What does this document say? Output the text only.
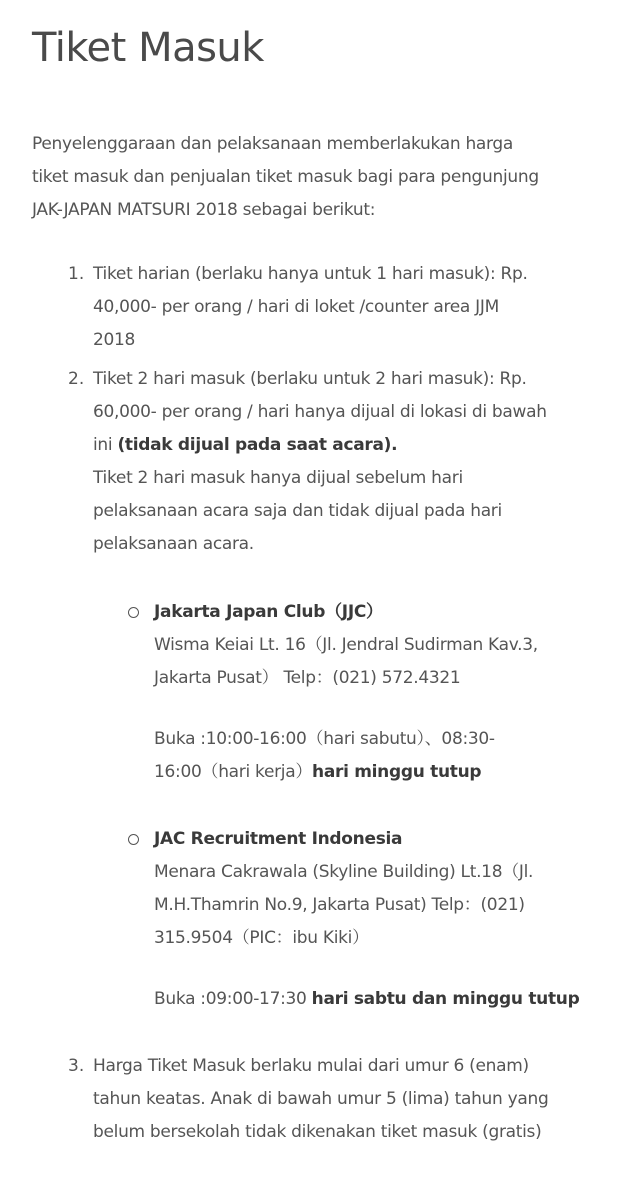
Tiket Masuk
Penyelenggaraan dan pelaksanaan memberlakukan harga
tiket masuk dan penjualan tiket masuk bagi para pengunjung
JAK-JAPAN MATSURI 2018 sebagai berikut:
1. Tiket harian (berlaku hanya untuk 1 hari masuk): Rp.
40,000- per orang / hari di loket /counter area JJM
2018
2. Tiket 2 hari masuk (berlaku untuk 2 hari masuk): Rp.
60,000- per orang / hari hanya dijual di lokasi di bawah
ini (tidak dijual pada saat acara).
Tiket 2 hari masuk hanya dijual sebelum hari
pelaksanaan acara saja dan tidak dijual pada hari
pelaksanaan acara.
Jakarta Japan Club（JJC）
Wisma Keiai Lt. 16（Jl. Jendral Sudirman Kav.3,
Jakarta Pusat） Telp：(021) 572.4321
Buka :10:00-16:00（hari sabutu）、08:30-
16:00（hari kerja）hari minggu tutup
JAC Recruitment Indonesia
Menara Cakrawala (Skyline Building) Lt.18（Jl.
M.H.Thamrin No.9, Jakarta Pusat) Telp：(021)
315.9504（PIC：ibu Kiki）
Buka :09:00-17:30 hari sabtu dan minggu tutup
3. Harga Tiket Masuk berlaku mulai dari umur 6 (enam)
tahun keatas. Anak di bawah umur 5 (lima) tahun yang
belum bersekolah tidak dikenakan tiket masuk (gratis)
